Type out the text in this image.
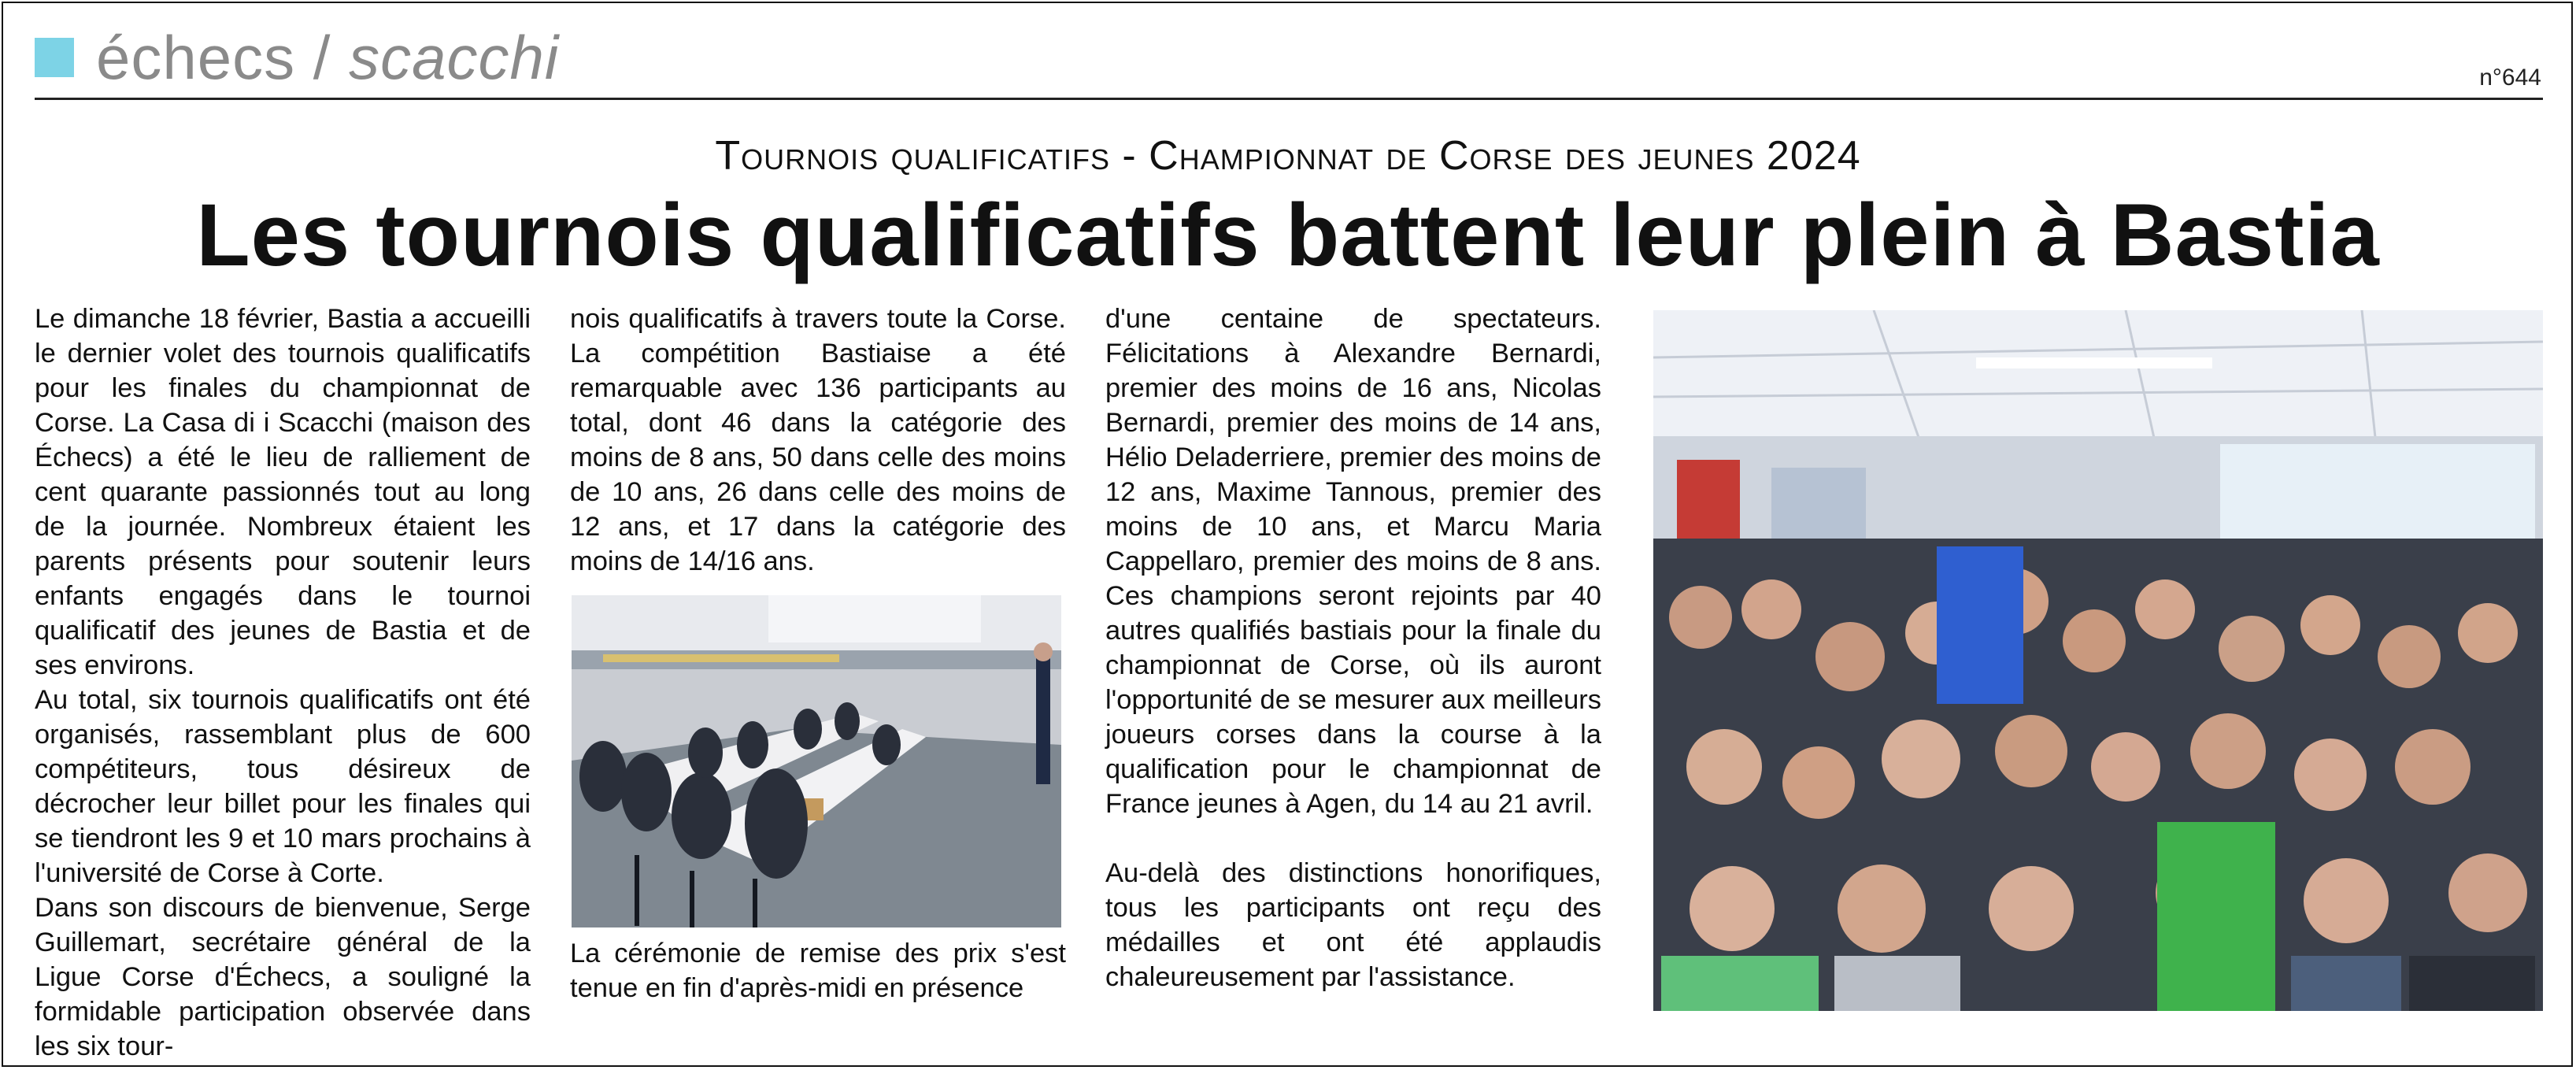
échecs / scacchi	n°644
Tournois qualificatifs - Championnat de Corse des jeunes 2024
Les tournois qualificatifs battent leur plein à Bastia

Le dimanche 18 février, Bastia a accueilli le dernier volet des tournois qualificatifs pour les finales du championnat de Corse. La Casa di i Scacchi (maison des Échecs) a été le lieu de ralliement de cent quarante passionnés tout au long de la journée. Nombreux étaient les parents présents pour soutenir leurs enfants engagés dans le tournoi qualificatif des jeunes de Bastia et de ses environs.

Au total, six tournois qualificatifs ont été organisés, rassemblant plus de 600 compétiteurs, tous désireux de décrocher leur billet pour les finales qui se tiendront les 9 et 10 mars prochains à l'université de Corse à Corte.

Dans son discours de bienvenue, Serge Guillemart, secrétaire général de la Ligue Corse d'Échecs, a souligné la formidable participation observée dans les six tour-

nois qualificatifs à travers toute la Corse. La compétition Bastiaise a été remarquable avec 136 participants au total, dont 46 dans la catégorie des moins de 8 ans, 50 dans celle des moins de 10 ans, 26 dans celle des moins de 12 ans, et 17 dans la catégorie des moins de 14/16 ans.

La cérémonie de remise des prix s'est tenue en fin d'après-midi en présence

d'une centaine de spectateurs. Félicitations à Alexandre Bernardi, premier des moins de 16 ans, Nicolas Bernardi, premier des moins de 14 ans, Hélio Deladerriere, premier des moins de 12 ans, Maxime Tannous, premier des moins de 10 ans, et Marcu Maria Cappellaro, premier des moins de 8 ans. Ces champions seront rejoints par 40 autres qualifiés bastiais pour la finale du championnat de Corse, où ils auront l'opportunité de se mesurer aux meilleurs joueurs corses dans la course à la qualification pour le championnat de France jeunes à Agen, du 14 au 21 avril.

Au-delà des distinctions honorifiques, tous les participants ont reçu des médailles et ont été applaudis chaleureusement par l'assistance.
